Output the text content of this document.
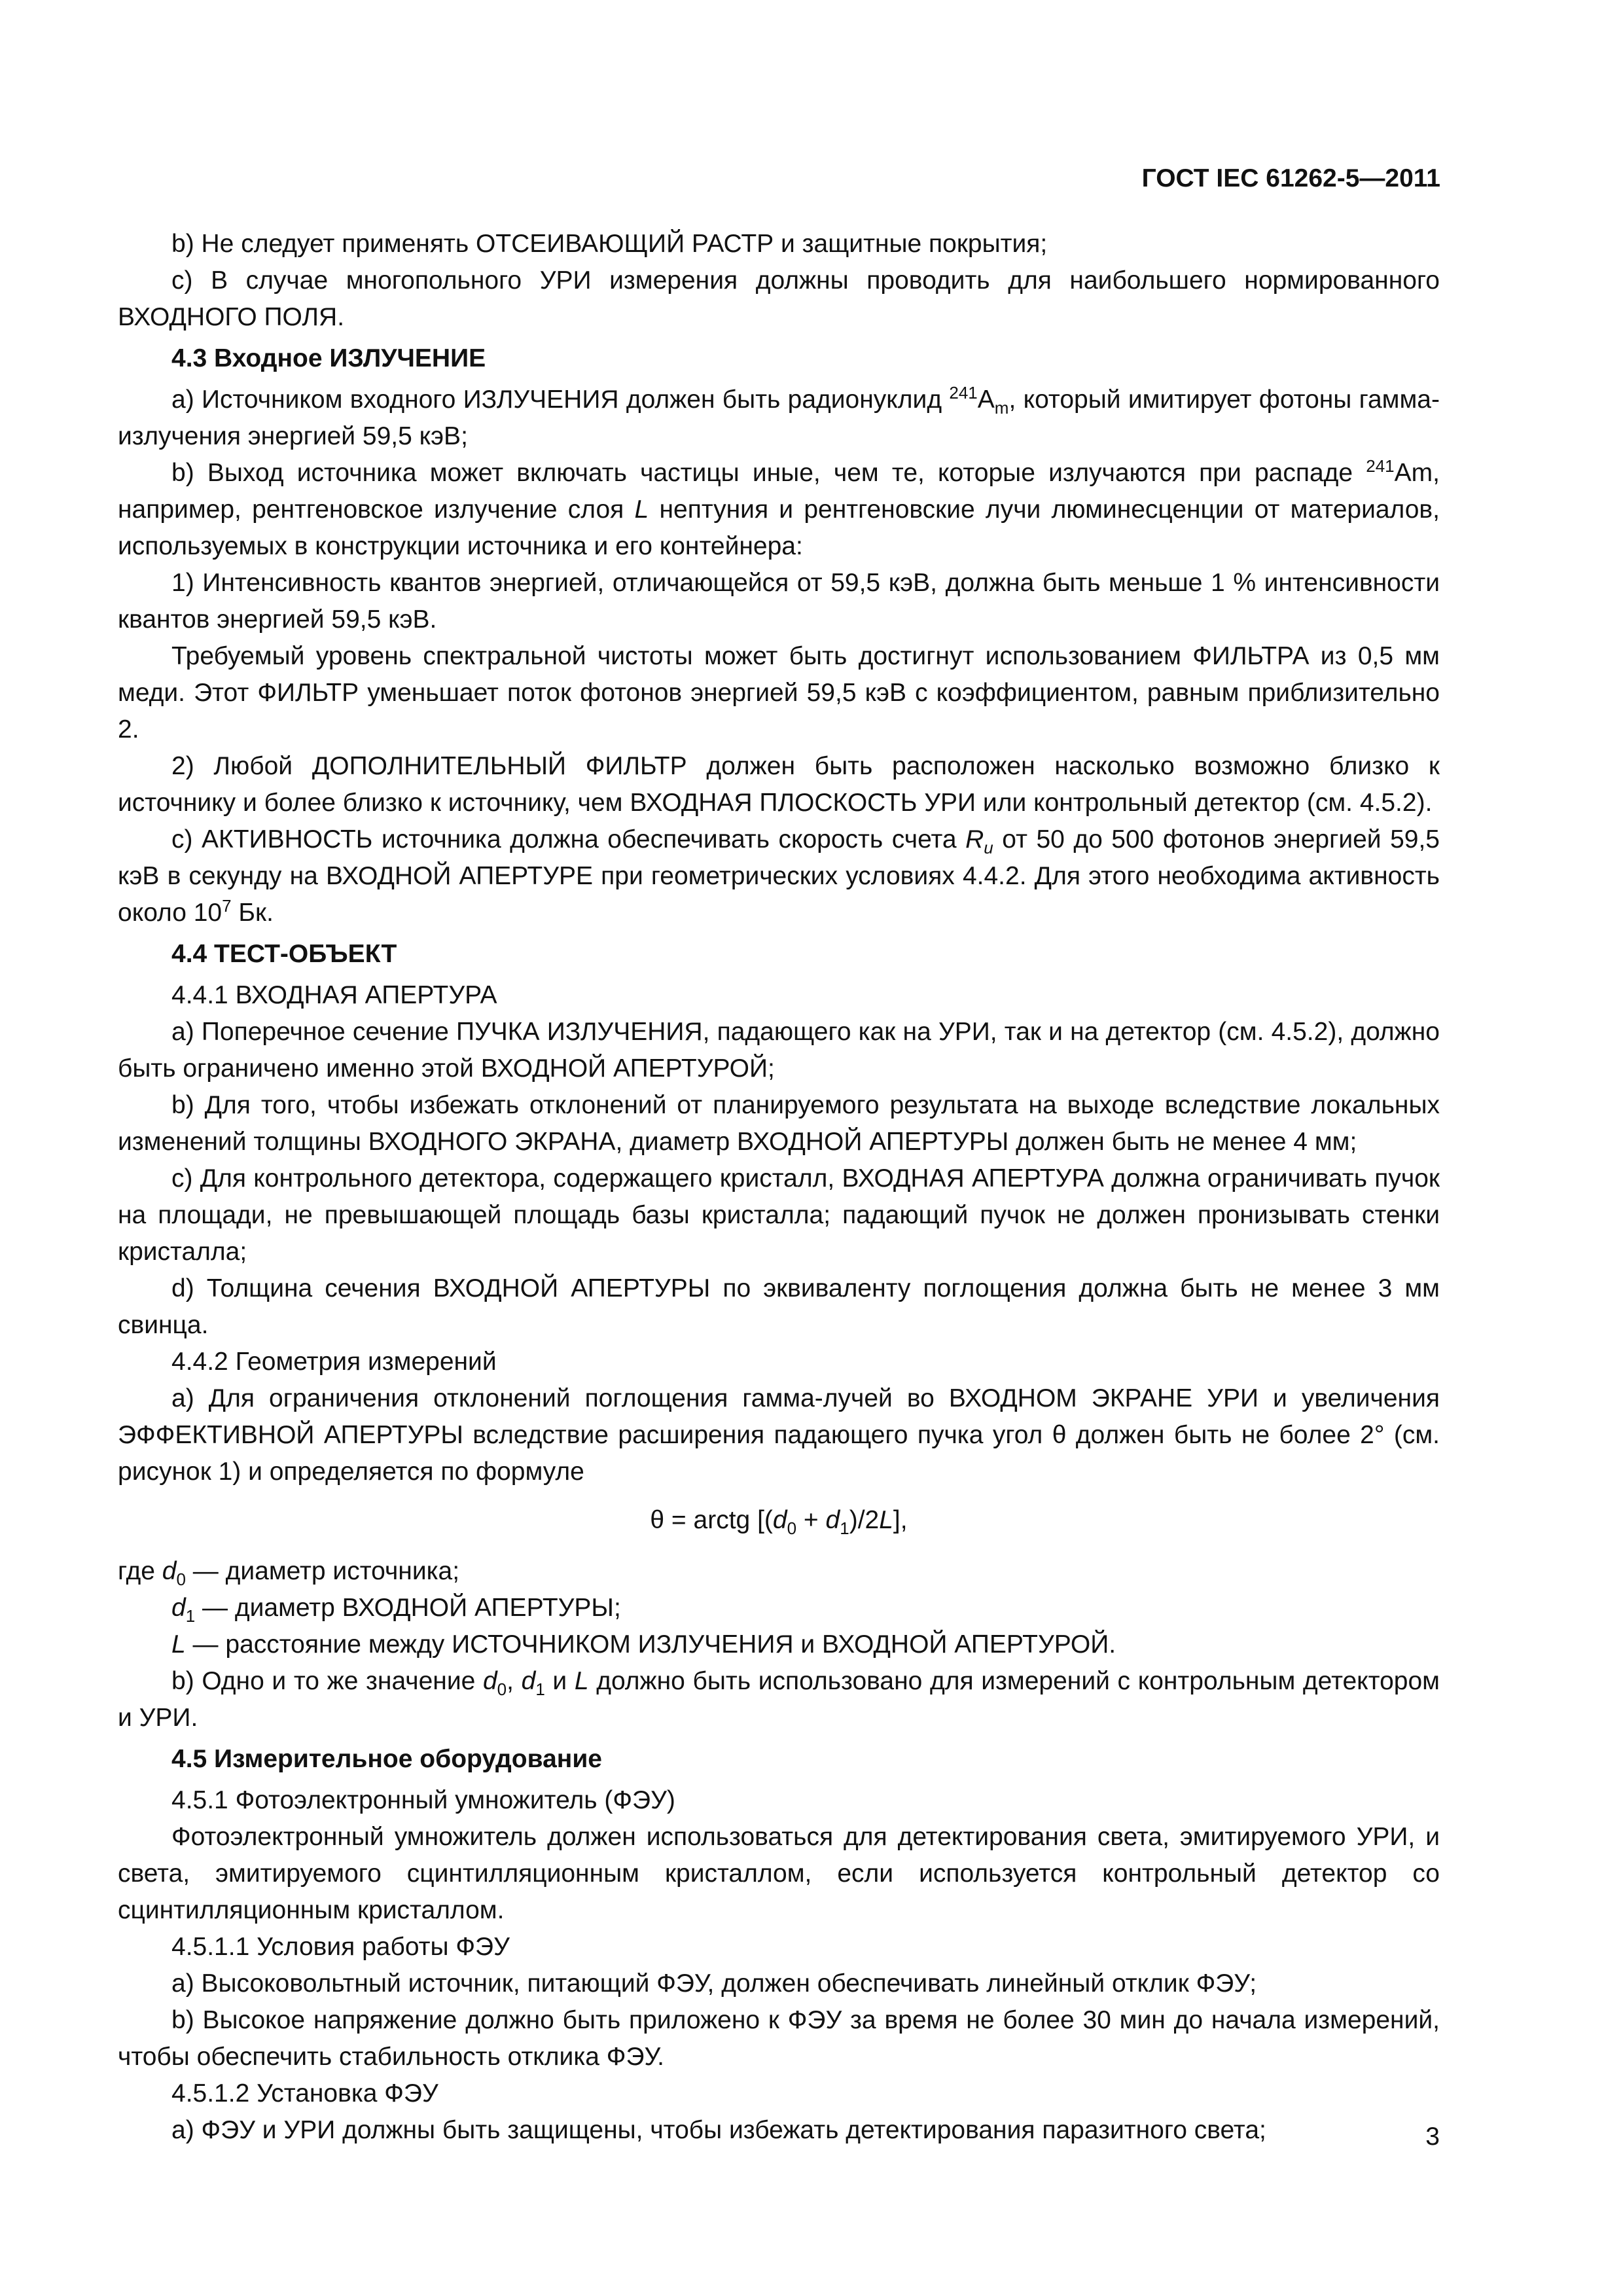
ГОСТ IEC 61262-5—2011

b) Не следует применять ОТСЕИВАЮЩИЙ РАСТР и защитные покрытия;

c) В случае многопольного УРИ измерения должны проводить для наибольшего нормированного ВХОДНОГО ПОЛЯ.

4.3 Входное ИЗЛУЧЕНИЕ

a) Источником входного ИЗЛУЧЕНИЯ должен быть радионуклид $^{241}А_m$, который имитирует фотоны гамма-излучения энергией 59,5 кэВ;

b) Выход источника может включать частицы иные, чем те, которые излучаются при распаде $^{241}$Am, например, рентгеновское излучение слоя L нептуния и рентгеновские лучи люминесценции от материалов, используемых в конструкции источника и его контейнера:

1) Интенсивность квантов энергией, отличающейся от 59,5 кэВ, должна быть меньше 1 % интенсивности квантов энергией 59,5 кэВ.

Требуемый уровень спектральной чистоты может быть достигнут использованием ФИЛЬТРА из 0,5 мм меди. Этот ФИЛЬТР уменьшает поток фотонов энергией 59,5 кэВ с коэффициентом, равным приблизительно 2.

2) Любой ДОПОЛНИТЕЛЬНЫЙ ФИЛЬТР должен быть расположен насколько возможно близко к источнику и более близко к источнику, чем ВХОДНАЯ ПЛОСКОСТЬ УРИ или контрольный детектор (см. 4.5.2).

c) АКТИВНОСТЬ источника должна обеспечивать скорость счета $R_и$ от 50 до 500 фотонов энергией 59,5 кэВ в секунду на ВХОДНОЙ АПЕРТУРЕ при геометрических условиях 4.4.2. Для этого необходима активность около $10^7$ Бк.

4.4 ТЕСТ-ОБЪЕКТ

4.4.1 ВХОДНАЯ АПЕРТУРА

a) Поперечное сечение ПУЧКА ИЗЛУЧЕНИЯ, падающего как на УРИ, так и на детектор (см. 4.5.2), должно быть ограничено именно этой ВХОДНОЙ АПЕРТУРОЙ;

b) Для того, чтобы избежать отклонений от планируемого результата на выходе вследствие локальных изменений толщины ВХОДНОГО ЭКРАНА, диаметр ВХОДНОЙ АПЕРТУРЫ должен быть не менее 4 мм;

c) Для контрольного детектора, содержащего кристалл, ВХОДНАЯ АПЕРТУРА должна ограничивать пучок на площади, не превышающей площадь базы кристалла; падающий пучок не должен пронизывать стенки кристалла;

d) Толщина сечения ВХОДНОЙ АПЕРТУРЫ по эквиваленту поглощения должна быть не менее 3 мм свинца.

4.4.2 Геометрия измерений

a) Для ограничения отклонений поглощения гамма-лучей во ВХОДНОМ ЭКРАНЕ УРИ и увеличения ЭФФЕКТИВНОЙ АПЕРТУРЫ вследствие расширения падающего пучка угол θ должен быть не более 2° (см. рисунок 1) и определяется по формуле

θ = arctg $[(d_0 + d_1)/2L]$,

где $d_0$ — диаметр источника;

$d_1$ — диаметр ВХОДНОЙ АПЕРТУРЫ;

L — расстояние между ИСТОЧНИКОМ ИЗЛУЧЕНИЯ и ВХОДНОЙ АПЕРТУРОЙ.

b) Одно и то же значение $d_0$, $d_1$ и L должно быть использовано для измерений с контрольным детектором и УРИ.

4.5 Измерительное оборудование

4.5.1 Фотоэлектронный умножитель (ФЭУ)

Фотоэлектронный умножитель должен использоваться для детектирования света, эмитируемого УРИ, и света, эмитируемого сцинтилляционным кристаллом, если используется контрольный детектор со сцинтилляционным кристаллом.

4.5.1.1 Условия работы ФЭУ

a) Высоковольтный источник, питающий ФЭУ, должен обеспечивать линейный отклик ФЭУ;

b) Высокое напряжение должно быть приложено к ФЭУ за время не более 30 мин до начала измерений, чтобы обеспечить стабильность отклика ФЭУ.

4.5.1.2 Установка ФЭУ

a) ФЭУ и УРИ должны быть защищены, чтобы избежать детектирования паразитного света;	3
